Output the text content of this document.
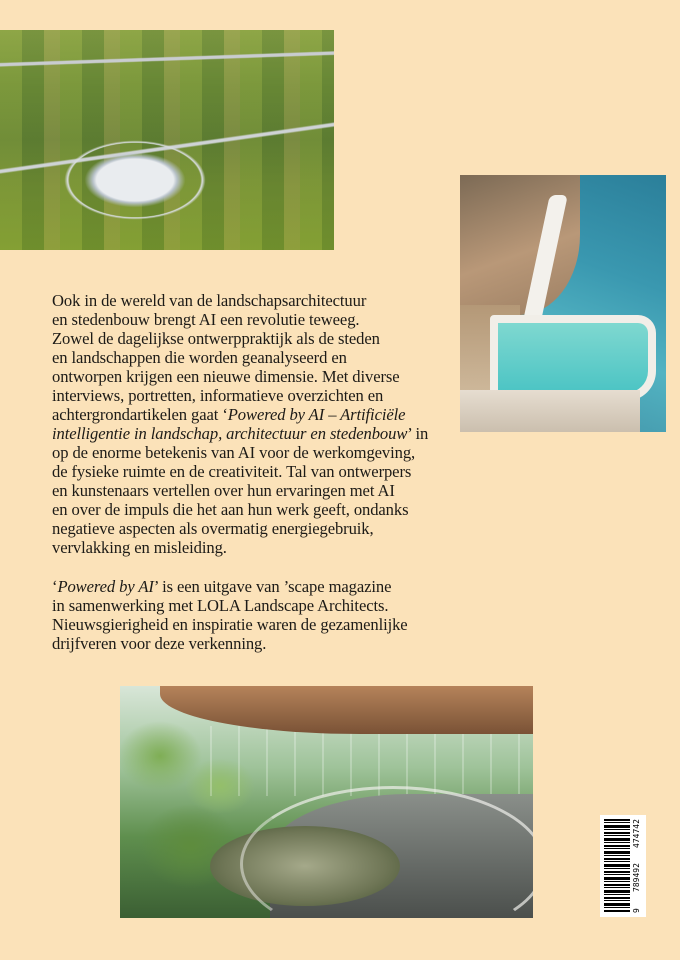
Ook in de wereld van de landschapsarchitectuur
en stedenbouw brengt AI een revolutie teweeg.
Zowel de dagelijkse ontwerppraktijk als de steden
en landschappen die worden geanalyseerd en
ontworpen krijgen een nieuwe dimensie. Met diverse
interviews, portretten, informatieve overzichten en
achtergrondartikelen gaat ‘Powered by AI – Artificiële
intelligentie in landschap, architectuur en stedenbouw’ in
op de enorme betekenis van AI voor de werkomgeving,
de fysieke ruimte en de creativiteit. Tal van ontwerpers
en kunstenaars vertellen over hun ervaringen met AI
en over de impuls die het aan hun werk geeft, ondanks
negatieve aspecten als overmatig energiegebruik,
vervlakking en misleiding.

‘Powered by AI’ is een uitgave van ’scape magazine
in samenwerking met LOLA Landscape Architects.
Nieuwsgierigheid en inspiratie waren de gezamenlijke
drijfveren voor deze verkenning.

9
789492
474742
